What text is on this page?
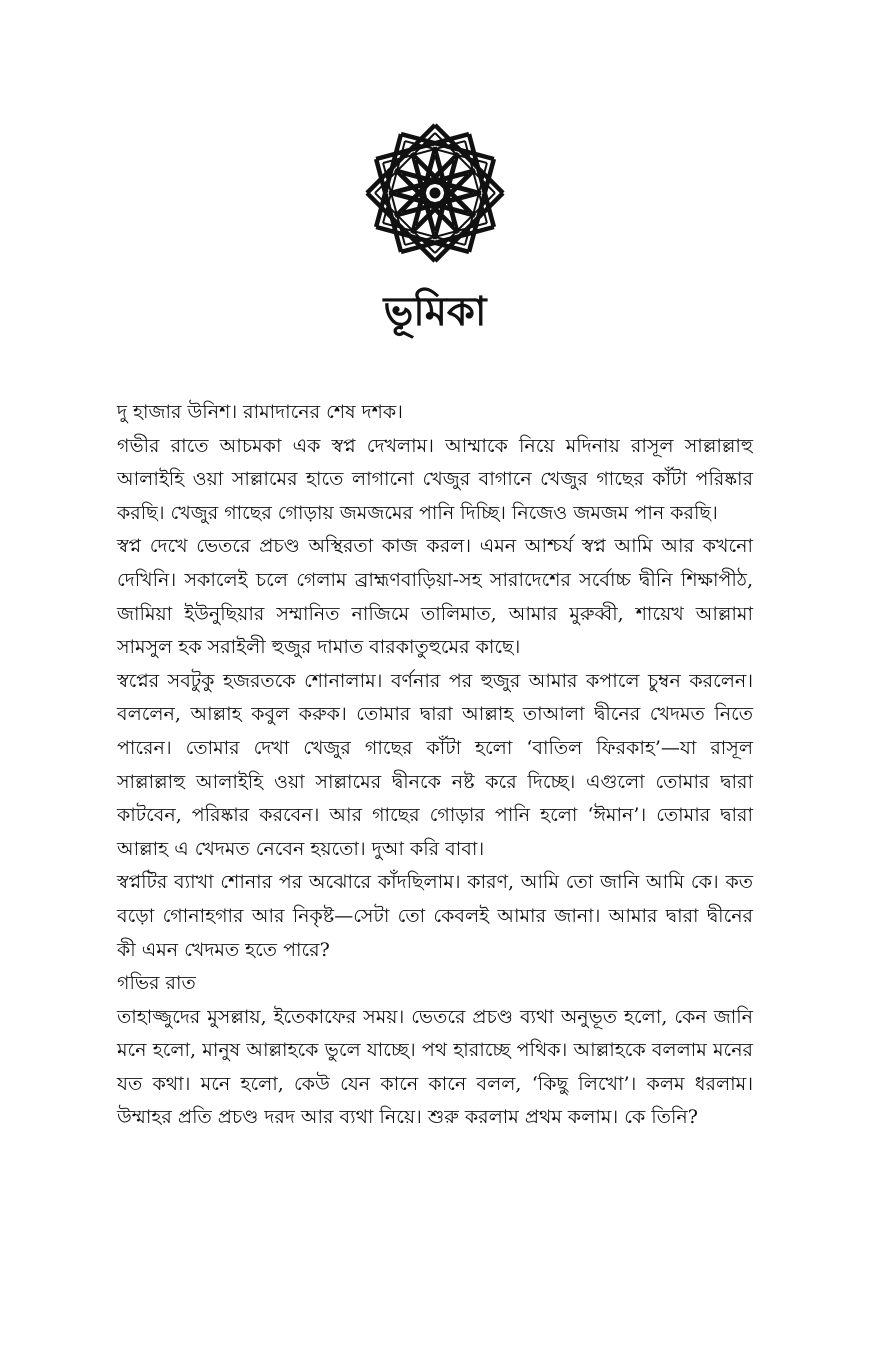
ভূমিকা

দু হাজার উনিশ। রামাদানের শেষ দশক।

গভীর রাতে আচমকা এক স্বপ্ন দেখলাম। আম্মাকে নিয়ে মদিনায় রাসূল সাল্লাল্লাহু আলাইহি ওয়া সাল্লামের হাতে লাগানো খেজুর বাগানে খেজুর গাছের কাঁটা পরিষ্কার করছি। খেজুর গাছের গোড়ায় জমজমের পানি দিচ্ছি। নিজেও জমজম পান করছি।

স্বপ্ন দেখে ভেতরে প্রচণ্ড অস্থিরতা কাজ করল। এমন আশ্চর্য স্বপ্ন আমি আর কখনো দেখিনি। সকালেই চলে গেলাম ব্রাহ্মণবাড়িয়া-সহ সারাদেশের সর্বোচ্চ দ্বীনি শিক্ষাপীঠ, জামিয়া ইউনুছিয়ার সম্মানিত নাজিমে তালিমাত, আমার মুরুব্বী, শায়েখ আল্লামা সামসুল হক সরাইলী হুজুর দামাত বারকাতুহুমের কাছে।

স্বপ্নের সবটুকু হজরতকে শোনালাম। বর্ণনার পর হুজুর আমার কপালে চুম্বন করলেন। বললেন, আল্লাহ কবুল করুক। তোমার দ্বারা আল্লাহ তাআলা দ্বীনের খেদমত নিতে পারেন। তোমার দেখা খেজুর গাছের কাঁটা হলো ‘বাতিল ফিরকাহ’—যা রাসূল সাল্লাল্লাহু আলাইহি ওয়া সাল্লামের দ্বীনকে নষ্ট করে দিচ্ছে। এগুলো তোমার দ্বারা কাটবেন, পরিষ্কার করবেন। আর গাছের গোড়ার পানি হলো ‘ঈমান’। তোমার দ্বারা আল্লাহ এ খেদমত নেবেন হয়তো। দুআ করি বাবা।

স্বপ্নটির ব্যাখা শোনার পর অঝোরে কাঁদছিলাম। কারণ, আমি তো জানি আমি কে। কত বড়ো গোনাহগার আর নিকৃষ্ট—সেটা তো কেবলই আমার জানা। আমার দ্বারা দ্বীনের কী এমন খেদমত হতে পারে?

গভির রাত

তাহাজ্জুদের মুসল্লায়, ইতেকাফের সময়। ভেতরে প্রচণ্ড ব্যথা অনুভূত হলো, কেন জানি মনে হলো, মানুষ আল্লাহকে ভুলে যাচ্ছে। পথ হারাচ্ছে পথিক। আল্লাহকে বললাম মনের যত কথা। মনে হলো, কেউ যেন কানে কানে বলল, ‘কিছু লিখো’। কলম ধরলাম। উম্মাহর প্রতি প্রচণ্ড দরদ আর ব্যথা নিয়ে। শুরু করলাম প্রথম কলাম। কে তিনি?
